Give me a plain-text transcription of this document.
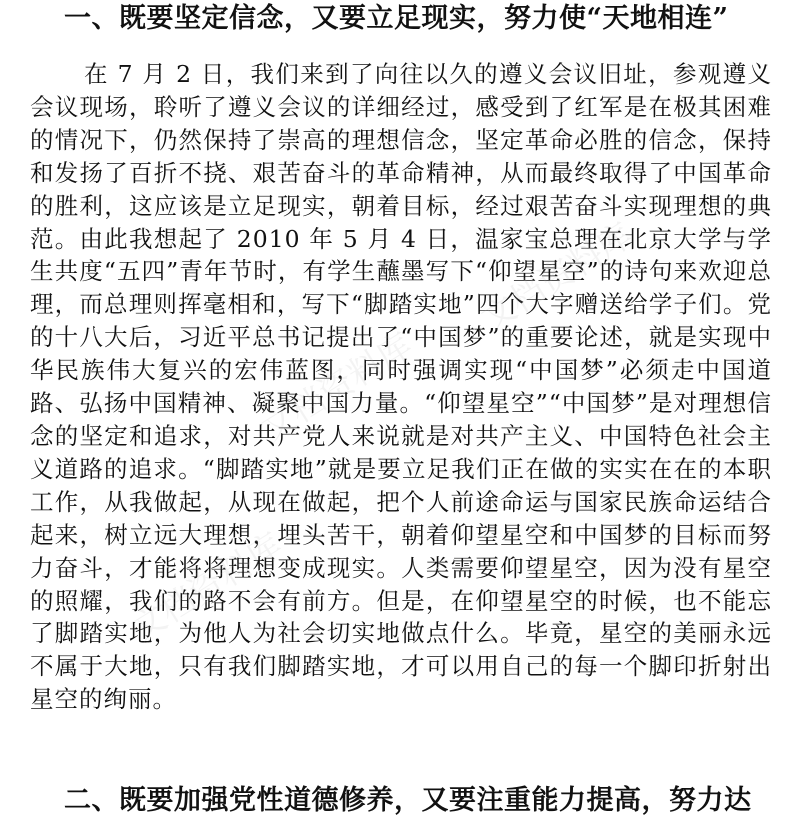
一、既要坚定信念，又要立足现实，努力使“天地相连”

在 7 月 2 日，我们来到了向往以久的遵义会议旧址，参观遵义会议现场，聆听了遵义会议的详细经过，感受到了红军是在极其困难的情况下，仍然保持了崇高的理想信念，坚定革命必胜的信念，保持和发扬了百折不挠、艰苦奋斗的革命精神，从而最终取得了中国革命的胜利，这应该是立足现实，朝着目标，经过艰苦奋斗实现理想的典范。由此我想起了 2010 年 5 月 4 日，温家宝总理在北京大学与学生共度“五四”青年节时，有学生蘸墨写下“仰望星空”的诗句来欢迎总理，而总理则挥毫相和，写下“脚踏实地”四个大字赠送给学子们。党的十八大后，习近平总书记提出了“中国梦”的重要论述，就是实现中华民族伟大复兴的宏伟蓝图，同时强调实现“中国梦”必须走中国道路、弘扬中国精神、凝聚中国力量。“仰望星空”“中国梦”是对理想信念的坚定和追求，对共产党人来说就是对共产主义、中国特色社会主义道路的追求。“脚踏实地”就是要立足我们正在做的实实在在的本职工作，从我做起，从现在做起，把个人前途命运与国家民族命运结合起来，树立远大理想，埋头苦干，朝着仰望星空和中国梦的目标而努力奋斗，才能将将理想变成现实。人类需要仰望星空，因为没有星空的照耀，我们的路不会有前方。但是，在仰望星空的时候，也不能忘了脚踏实地，为他人为社会切实地做点什么。毕竟，星空的美丽永远不属于大地，只有我们脚踏实地，才可以用自己的每一个脚印折射出星空的绚丽。

二、既要加强党性道德修养，又要注重能力提高，努力达
文档资料库
文档资料库
文档资料库
